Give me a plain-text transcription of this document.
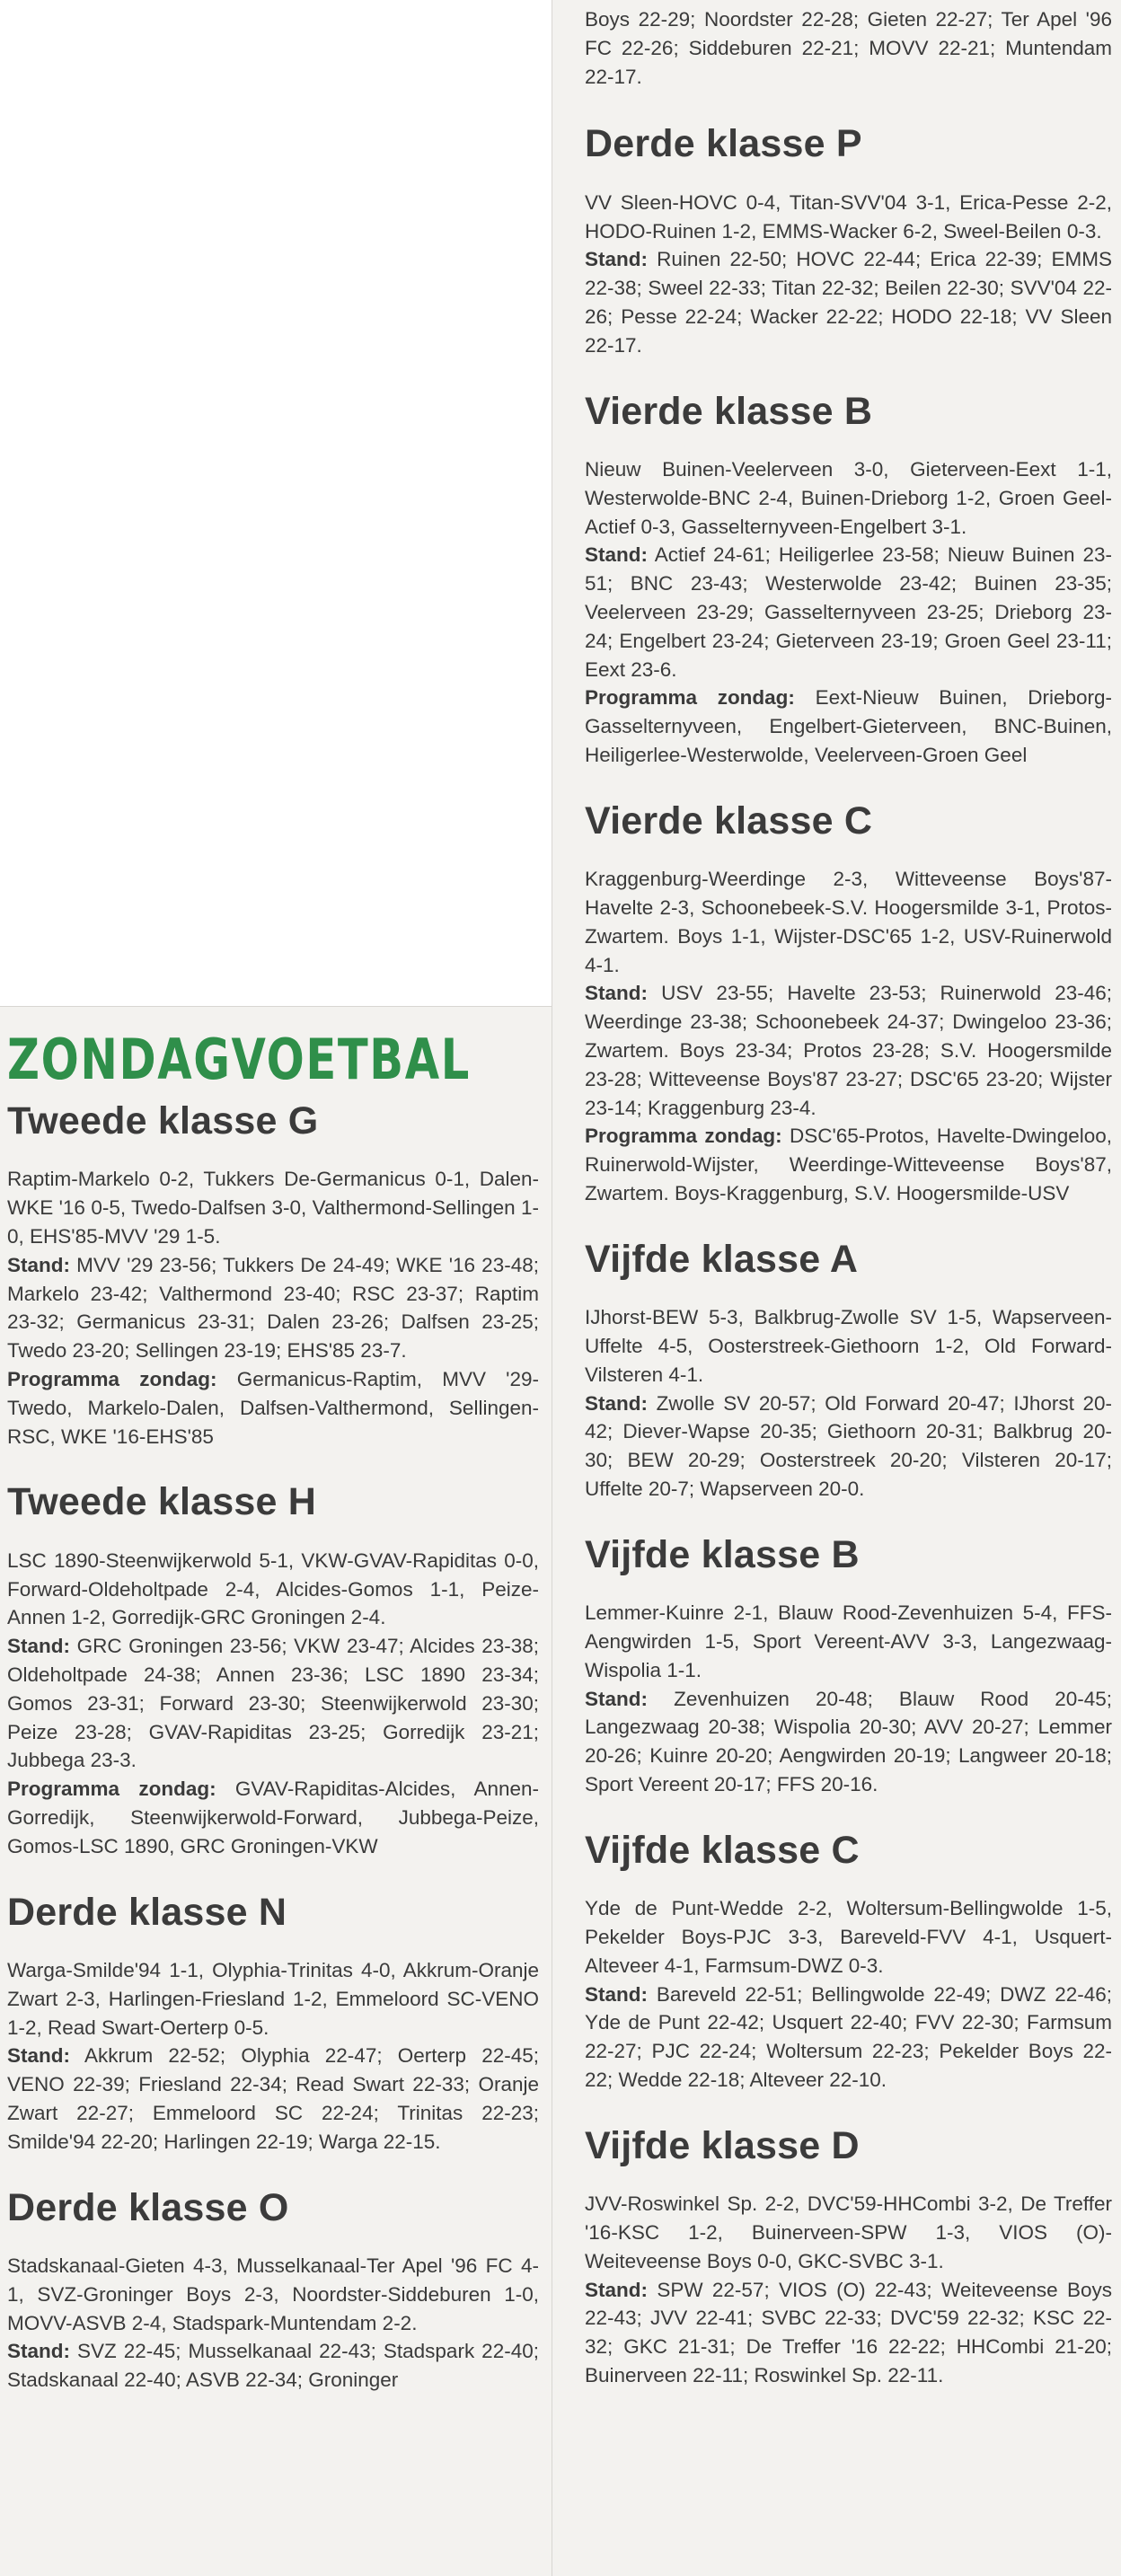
Boys 22-29; Noordster 22-28; Gieten 22-27; Ter Apel '96 FC 22-26; Siddeburen 22-21; MOVV 22-21; Muntendam 22-17.

Derde klasse P

VV Sleen-HOVC 0-4, Titan-SVV'04 3-1, Erica-Pesse 2-2, HODO-Ruinen 1-2, EMMS-Wacker 6-2, Sweel-Beilen 0-3.

Stand: Ruinen 22-50; HOVC 22-44; Erica 22-39; EMMS 22-38; Sweel 22-33; Titan 22-32; Beilen 22-30; SVV'04 22-26; Pesse 22-24; Wacker 22-22; HODO 22-18; VV Sleen 22-17.

Vierde klasse B

Nieuw Buinen-Veelerveen 3-0, Gieterveen-Eext 1-1, Westerwolde-BNC 2-4, Buinen-Drieborg 1-2, Groen Geel-Actief 0-3, Gasselternyveen-Engelbert 3-1.

Stand: Actief 24-61; Heiligerlee 23-58; Nieuw Buinen 23-51; BNC 23-43; Westerwolde 23-42; Buinen 23-35; Veelerveen 23-29; Gasselternyveen 23-25; Drieborg 23-24; Engelbert 23-24; Gieterveen 23-19; Groen Geel 23-11; Eext 23-6.

Programma zondag: Eext-Nieuw Buinen, Drieborg-Gasselternyveen, Engelbert-Gieterveen, BNC-Buinen, Heiligerlee-Westerwolde, Veelerveen-Groen Geel

Vierde klasse C

Kraggenburg-Weerdinge 2-3, Witteveense Boys'87-Havelte 2-3, Schoonebeek-S.V. Hoogersmilde 3-1, Protos-Zwartem. Boys 1-1, Wijster-DSC'65 1-2, USV-Ruinerwold 4-1.

Stand: USV 23-55; Havelte 23-53; Ruinerwold 23-46; Weerdinge 23-38; Schoonebeek 24-37; Dwingeloo 23-36; Zwartem. Boys 23-34; Protos 23-28; S.V. Hoogersmilde 23-28; Witteveense Boys'87 23-27; DSC'65 23-20; Wijster 23-14; Kraggenburg 23-4.

Programma zondag: DSC'65-Protos, Havelte-Dwingeloo, Ruinerwold-Wijster, Weerdinge-Witteveense Boys'87, Zwartem. Boys-Kraggenburg, S.V. Hoogersmilde-USV

Vijfde klasse A

IJhorst-BEW 5-3, Balkbrug-Zwolle SV 1-5, Wapserveen-Uffelte 4-5, Oosterstreek-Giethoorn 1-2, Old Forward-Vilsteren 4-1.

Stand: Zwolle SV 20-57; Old Forward 20-47; IJhorst 20-42; Diever-Wapse 20-35; Giethoorn 20-31; Balkbrug 20-30; BEW 20-29; Oosterstreek 20-20; Vilsteren 20-17; Uffelte 20-7; Wapserveen 20-0.

Vijfde klasse B

Lemmer-Kuinre 2-1, Blauw Rood-Zevenhuizen 5-4, FFS-Aengwirden 1-5, Sport Vereent-AVV 3-3, Langezwaag-Wispolia 1-1.

Stand: Zevenhuizen 20-48; Blauw Rood 20-45; Langezwaag 20-38; Wispolia 20-30; AVV 20-27; Lemmer 20-26; Kuinre 20-20; Aengwirden 20-19; Langweer 20-18; Sport Vereent 20-17; FFS 20-16.

Vijfde klasse C

Yde de Punt-Wedde 2-2, Woltersum-Bellingwolde 1-5, Pekelder Boys-PJC 3-3, Bareveld-FVV 4-1, Usquert-Alteveer 4-1, Farmsum-DWZ 0-3.

Stand: Bareveld 22-51; Bellingwolde 22-49; DWZ 22-46; Yde de Punt 22-42; Usquert 22-40; FVV 22-30; Farmsum 22-27; PJC 22-24; Woltersum 22-23; Pekelder Boys 22-22; Wedde 22-18; Alteveer 22-10.

Vijfde klasse D

JVV-Roswinkel Sp. 2-2, DVC'59-HHCombi 3-2, De Treffer '16-KSC 1-2, Buinerveen-SPW 1-3, VIOS (O)-Weiteveense Boys 0-0, GKC-SVBC 3-1.

Stand: SPW 22-57; VIOS (O) 22-43; Weiteveense Boys 22-43; JVV 22-41; SVBC 22-33; DVC'59 22-32; KSC 22-32; GKC 21-31; De Treffer '16 22-22; HHCombi 21-20; Buinerveen 22-11; Roswinkel Sp. 22-11.

ZONDAGVOETBAL
Tweede klasse G

Raptim-Markelo 0-2, Tukkers De-Germanicus 0-1, Dalen-WKE '16 0-5, Twedo-Dalfsen 3-0, Valthermond-Sellingen 1-0, EHS'85-MVV '29 1-5.

Stand: MVV '29 23-56; Tukkers De 24-49; WKE '16 23-48; Markelo 23-42; Valthermond 23-40; RSC 23-37; Raptim 23-32; Germanicus 23-31; Dalen 23-26; Dalfsen 23-25; Twedo 23-20; Sellingen 23-19; EHS'85 23-7.

Programma zondag: Germanicus-Raptim, MVV '29-Twedo, Markelo-Dalen, Dalfsen-Valthermond, Sellingen-RSC, WKE '16-EHS'85

Tweede klasse H

LSC 1890-Steenwijkerwold 5-1, VKW-GVAV-Rapiditas 0-0, Forward-Oldeholtpade 2-4, Alcides-Gomos 1-1, Peize-Annen 1-2, Gorredijk-GRC Groningen 2-4.

Stand: GRC Groningen 23-56; VKW 23-47; Alcides 23-38; Oldeholtpade 24-38; Annen 23-36; LSC 1890 23-34; Gomos 23-31; Forward 23-30; Steenwijkerwold 23-30; Peize 23-28; GVAV-Rapiditas 23-25; Gorredijk 23-21; Jubbega 23-3.

Programma zondag: GVAV-Rapiditas-Alcides, Annen-Gorredijk, Steenwijkerwold-Forward, Jubbega-Peize, Gomos-LSC 1890, GRC Groningen-VKW

Derde klasse N

Warga-Smilde'94 1-1, Olyphia-Trinitas 4-0, Akkrum-Oranje Zwart 2-3, Harlingen-Friesland 1-2, Emmeloord SC-VENO 1-2, Read Swart-Oerterp 0-5.

Stand: Akkrum 22-52; Olyphia 22-47; Oerterp 22-45; VENO 22-39; Friesland 22-34; Read Swart 22-33; Oranje Zwart 22-27; Emmeloord SC 22-24; Trinitas 22-23; Smilde'94 22-20; Harlingen 22-19; Warga 22-15.

Derde klasse O

Stadskanaal-Gieten 4-3, Musselkanaal-Ter Apel '96 FC 4-1, SVZ-Groninger Boys 2-3, Noordster-Siddeburen 1-0, MOVV-ASVB 2-4, Stadspark-Muntendam 2-2.

Stand: SVZ 22-45; Musselkanaal 22-43; Stadspark 22-40; Stadskanaal 22-40; ASVB 22-34; Groninger
